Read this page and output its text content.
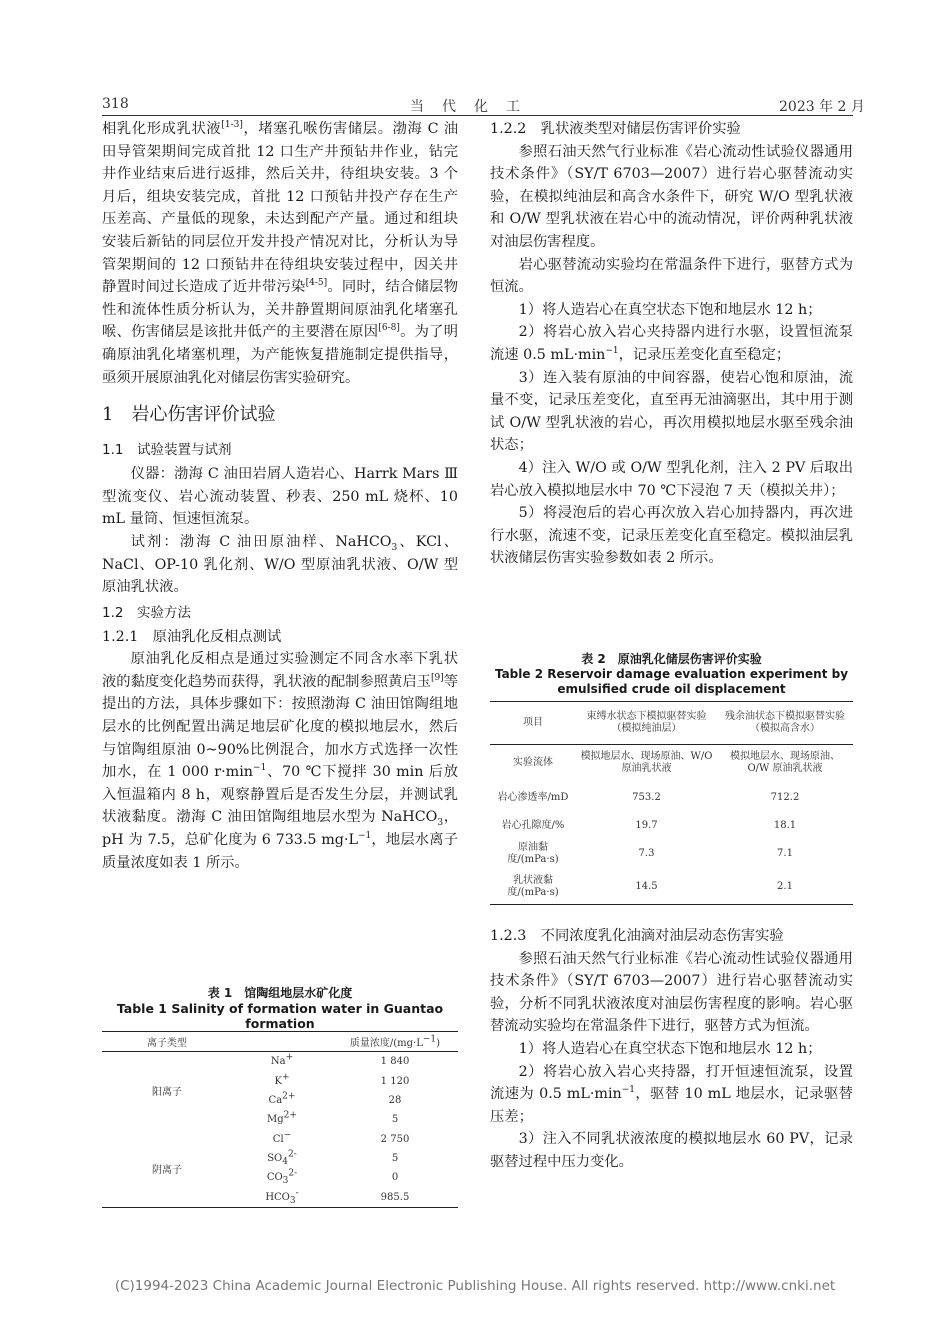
318	当　代　化　工	2023 年 2 月

相乳化形成乳状液[1-3]，堵塞孔喉伤害储层。渤海 C 油田导管架期间完成首批 12 口生产井预钻井作业，钻完井作业结束后进行返排，然后关井，待组块安装。3 个月后，组块安装完成，首批 12 口预钻井投产存在生产压差高、产量低的现象，未达到配产产量。通过和组块安装后新钻的同层位开发井投产情况对比，分析认为导管架期间的 12 口预钻井在待组块安装过程中，因关井静置时间过长造成了近井带污染[4-5]。同时，结合储层物性和流体性质分析认为，关井静置期间原油乳化堵塞孔喉、伤害储层是该批井低产的主要潜在原因[6-8]。为了明确原油乳化堵塞机理，为产能恢复措施制定提供指导，亟须开展原油乳化对储层伤害实验研究。

1　岩心伤害评价试验
1.1　试验装置与试剂

仪器：渤海 C 油田岩屑人造岩心、Harrk Mars Ⅲ型流变仪、岩心流动装置、秒表、250 mL 烧杯、10 mL 量筒、恒速恒流泵。

试剂：渤海 C 油田原油样、NaHCO$_3$、KCl、NaCl、OP-10 乳化剂、W/O 型原油乳状液、O/W 型原油乳状液。

1.2　实验方法
1.2.1　原油乳化反相点测试

原油乳化反相点是通过实验测定不同含水率下乳状液的黏度变化趋势而获得，乳状液的配制参照黄启玉[9]等提出的方法，具体步骤如下：按照渤海 C 油田馆陶组地层水的比例配置出满足地层矿化度的模拟地层水，然后与馆陶组原油 0~90%比例混合，加水方式选择一次性加水，在 1 000 $r\cdot\min^{-1}$、70 ℃下搅拌 30 min 后放入恒温箱内 8 h，观察静置后是否发生分层，并测试乳状液黏度。渤海 C 油田馆陶组地层水型为 NaHCO$_3$，pH 为 7.5，总矿化度为 6 733.5 $mg\cdot L^{-1}$，地层水离子质量浓度如表 1 所示。

表 1　馆陶组地层水矿化度
Table 1 Salinity of formation water in Guantao formation
离子类型		质量浓度$/(mg\cdot L^{-1})$
阳离子	Na+	1 840
	K+	1 120
	$Ca^{2+}$	28
	$Mg^{2+}$	5
阴离子	Cl−	2 750
	$SO_4^{2-}$	5
	$CO_3^{2-}$	0
	$HCO_3^-$	985.5
1.2.2　乳状液类型对储层伤害评价实验

参照石油天然气行业标准《岩心流动性试验仪器通用技术条件》（SY/T 6703—2007）进行岩心驱替流动实验，在模拟纯油层和高含水条件下，研究 W/O 型乳状液和 O/W 型乳状液在岩心中的流动情况，评价两种乳状液对油层伤害程度。

岩心驱替流动实验均在常温条件下进行，驱替方式为恒流。

1）将人造岩心在真空状态下饱和地层水 12 h；

2）将岩心放入岩心夹持器内进行水驱，设置恒流泵流速 0.5 $mL\cdot\min^{-1}$，记录压差变化直至稳定；

3）连入装有原油的中间容器，使岩心饱和原油，流量不变，记录压差变化，直至再无油滴驱出，其中用于测试 O/W 型乳状液的岩心，再次用模拟地层水驱至残余油状态；

4）注入 W/O 或 O/W 型乳化剂，注入 2 PV 后取出岩心放入模拟地层水中 70 ℃下浸泡 7 天（模拟关井）；

5）将浸泡后的岩心再次放入岩心加持器内，再次进行水驱，流速不变，记录压差变化直至稳定。模拟油层乳状液储层伤害实验参数如表 2 所示。

表 2　原油乳化储层伤害评价实验
Table 2 Reservoir damage evaluation experiment by
emulsified crude oil displacement
项目	束缚水状态下模拟驱替实验（模拟纯油层）	残余油状态下模拟驱替实验（模拟高含水）
实验流体	模拟地层水、现场原油、W/O 原油乳状液	模拟地层水、现场原油、O/W 原油乳状液
岩心渗透率/mD	753.2	712.2
岩心孔隙度/%	19.7	18.1
原油黏度/(mPa·s)	7.3	7.1
乳状液黏度/(mPa·s)	14.5	2.1
1.2.3　不同浓度乳化油滴对油层动态伤害实验

参照石油天然气行业标准《岩心流动性试验仪器通用技术条件》（SY/T 6703—2007）进行岩心驱替流动实验，分析不同乳状液浓度对油层伤害程度的影响。岩心驱替流动实验均在常温条件下进行，驱替方式为恒流。

1）将人造岩心在真空状态下饱和地层水 12 h；

2）将岩心放入岩心夹持器，打开恒速恒流泵，设置流速为 0.5 $mL\cdot\min^{-1}$，驱替 10 mL 地层水，记录驱替压差；

3）注入不同乳状液浓度的模拟地层水 60 PV，记录驱替过程中压力变化。

(C)1994-2023 China Academic Journal Electronic Publishing House. All rights reserved. http://www.cnki.net
